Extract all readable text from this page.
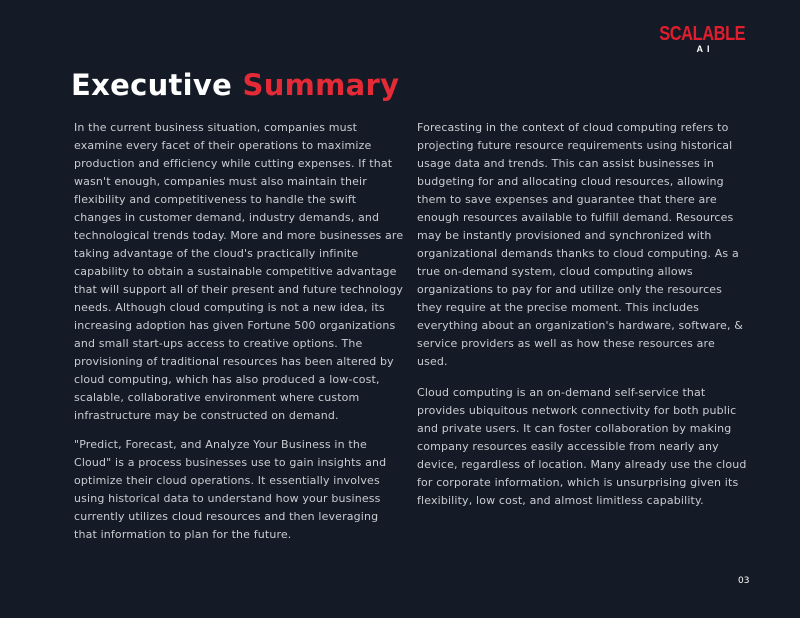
SCALABLE
AI
Executive Summary

In the current business situation, companies must examine every facet of their operations to maximize production and efficiency while cutting expenses. If that wasn't enough, companies must also maintain their flexibility and competitiveness to handle the swift changes in customer demand, industry demands, and technological trends today. More and more businesses are taking advantage of the cloud's practically infinite capability to obtain a sustainable competitive advantage that will support all of their present and future technology needs. Although cloud computing is not a new idea, its increasing adoption has given Fortune 500 organizations and small start-ups access to creative options. The provisioning of traditional resources has been altered by cloud computing, which has also produced a low-cost, scalable, collaborative environment where custom infrastructure may be constructed on demand.

"Predict, Forecast, and Analyze Your Business in the Cloud" is a process businesses use to gain insights and optimize their cloud operations. It essentially involves using historical data to understand how your business currently utilizes cloud resources and then leveraging that information to plan for the future.

Forecasting in the context of cloud computing refers to projecting future resource requirements using historical usage data and trends. This can assist businesses in budgeting for and allocating cloud resources, allowing them to save expenses and guarantee that there are enough resources available to fulfill demand. Resources may be instantly provisioned and synchronized with organizational demands thanks to cloud computing. As a true on-demand system, cloud computing allows organizations to pay for and utilize only the resources they require at the precise moment. This includes everything about an organization's hardware, software, & service providers as well as how these resources are used.

Cloud computing is an on-demand self-service that provides ubiquitous network connectivity for both public and private users. It can foster collaboration by making company resources easily accessible from nearly any device, regardless of location. Many already use the cloud for corporate information, which is unsurprising given its flexibility, low cost, and almost limitless capability.

03
